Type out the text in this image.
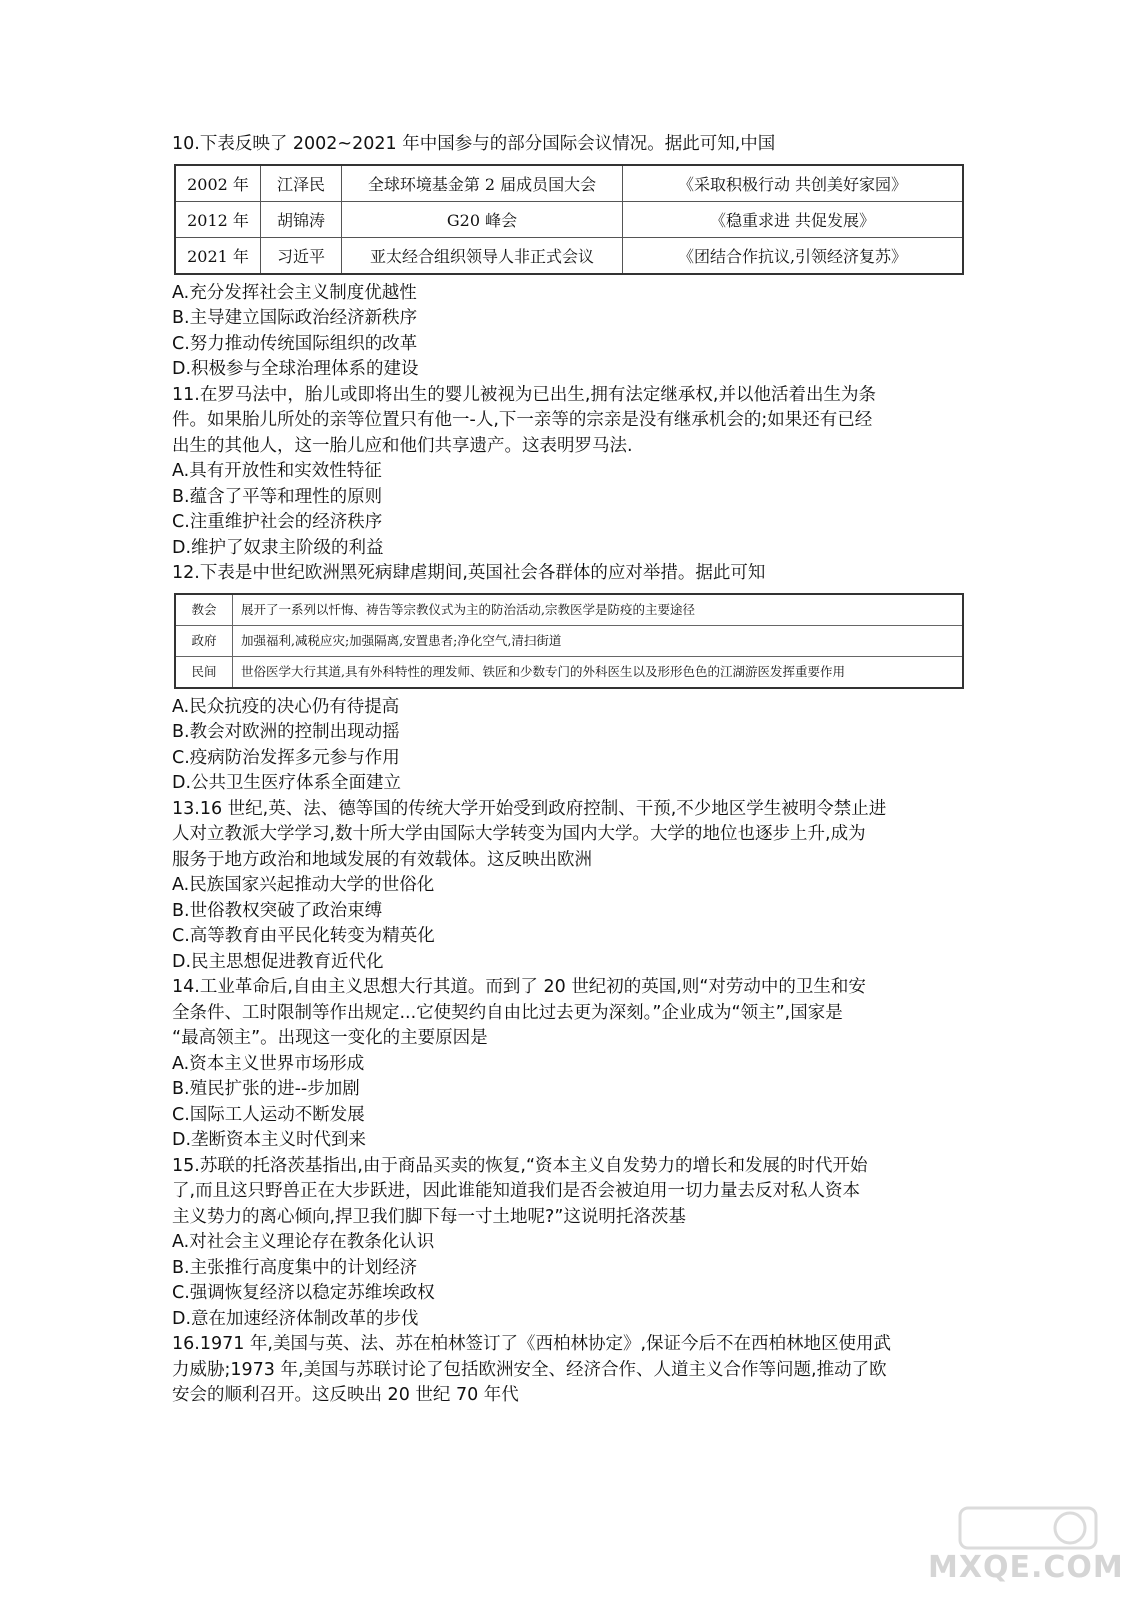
10.下表反映了 2002~2021 年中国参与的部分国际会议情况。据此可知,中国
2002 年	江泽民	全球环境基金第 2 届成员国大会	《采取积极行动 共创美好家园》
2012 年	胡锦涛	G20 峰会	《稳重求进 共促发展》
2021 年	习近平	亚太经合组织领导人非正式会议	《团结合作抗议,引领经济复苏》
A.充分发挥社会主义制度优越性
B.主导建立国际政治经济新秩序
C.努力推动传统国际组织的改革
D.积极参与全球治理体系的建设
11.在罗马法中，胎儿或即将出生的婴儿被视为已出生,拥有法定继承权,并以他活着出生为条
件。如果胎儿所处的亲等位置只有他一-人,下一亲等的宗亲是没有继承机会的;如果还有已经
出生的其他人，这一胎儿应和他们共享遗产。这表明罗马法.
A.具有开放性和实效性特征
B.蕴含了平等和理性的原则
C.注重维护社会的经济秩序
D.维护了奴隶主阶级的利益
12.下表是中世纪欧洲黑死病肆虐期间,英国社会各群体的应对举措。据此可知
教会	展开了一系列以忏悔、祷告等宗教仪式为主的防治活动,宗教医学是防疫的主要途径
政府	加强福利,减税应灾;加强隔离,安置患者;净化空气,清扫街道
民间	世俗医学大行其道,具有外科特性的理发师、铁匠和少数专门的外科医生以及形形色色的江湖游医发挥重要作用
A.民众抗疫的决心仍有待提高
B.教会对欧洲的控制出现动摇
C.疫病防治发挥多元参与作用
D.公共卫生医疗体系全面建立
13.16 世纪,英、法、德等国的传统大学开始受到政府控制、干预,不少地区学生被明令禁止进
人对立教派大学学习,数十所大学由国际大学转变为国内大学。大学的地位也逐步上升,成为
服务于地方政治和地域发展的有效载体。这反映出欧洲
A.民族国家兴起推动大学的世俗化
B.世俗教权突破了政治束缚
C.高等教育由平民化转变为精英化
D.民主思想促进教育近代化
14.工业革命后,自由主义思想大行其道。而到了 20 世纪初的英国,则“对劳动中的卫生和安
全条件、工时限制等作出规定...它使契约自由比过去更为深刻。”企业成为“领主”,国家是
“最高领主”。出现这一变化的主要原因是
A.资本主义世界市场形成
B.殖民扩张的进--步加剧
C.国际工人运动不断发展
D.垄断资本主义时代到来
15.苏联的托洛茨基指出,由于商品买卖的恢复,“资本主义自发势力的增长和发展的时代开始
了,而且这只野兽正在大步跃进，因此谁能知道我们是否会被迫用一切力量去反对私人资本
主义势力的离心倾向,捍卫我们脚下每一寸土地呢?”这说明托洛茨基
A.对社会主义理论存在教条化认识
B.主张推行高度集中的计划经济
C.强调恢复经济以稳定苏维埃政权
D.意在加速经济体制改革的步伐
16.1971 年,美国与英、法、苏在柏林签订了《西柏林协定》,保证今后不在西柏林地区使用武
力威胁;1973 年,美国与苏联讨论了包括欧洲安全、经济合作、人道主义合作等问题,推动了欧
安会的顺利召开。这反映出 20 世纪 70 年代
MXQE.COM
